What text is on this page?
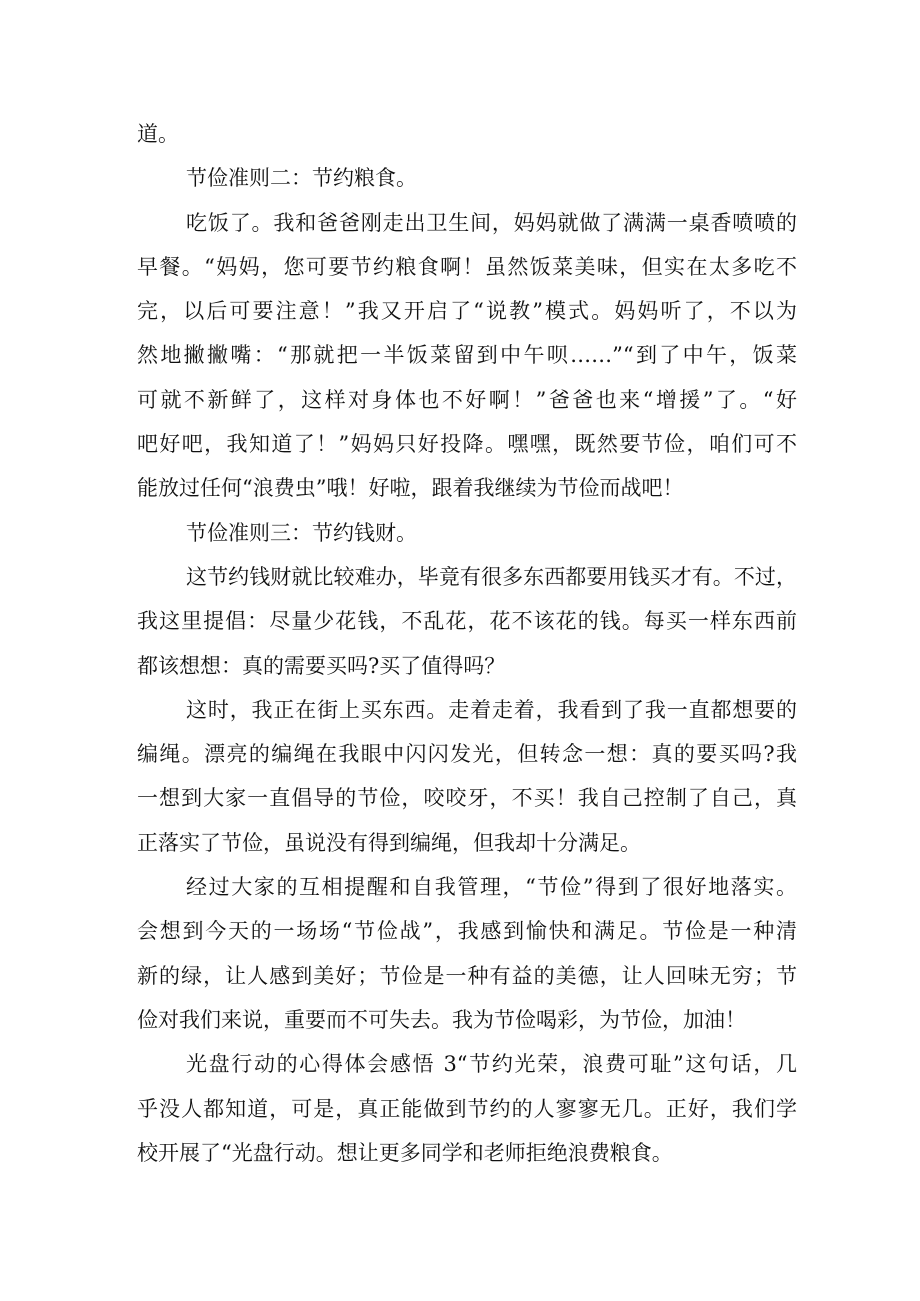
道。
节俭准则二：节约粮食。
吃饭了。我和爸爸刚走出卫生间，妈妈就做了满满一桌香喷喷的
早餐。“妈妈，您可要节约粮食啊！虽然饭菜美味，但实在太多吃不
完，以后可要注意！”我又开启了“说教”模式。妈妈听了，不以为
然地撇撇嘴：“那就把一半饭菜留到中午呗……”“到了中午，饭菜
可就不新鲜了，这样对身体也不好啊！”爸爸也来“增援”了。“好
吧好吧，我知道了！”妈妈只好投降。嘿嘿，既然要节俭，咱们可不
能放过任何“浪费虫”哦！好啦，跟着我继续为节俭而战吧！
节俭准则三：节约钱财。
这节约钱财就比较难办，毕竟有很多东西都要用钱买才有。不过，
我这里提倡：尽量少花钱，不乱花，花不该花的钱。每买一样东西前
都该想想：真的需要买吗?买了值得吗？
这时，我正在街上买东西。走着走着，我看到了我一直都想要的
编绳。漂亮的编绳在我眼中闪闪发光，但转念一想：真的要买吗?我
一想到大家一直倡导的节俭，咬咬牙，不买！我自己控制了自己，真
正落实了节俭，虽说没有得到编绳，但我却十分满足。
经过大家的互相提醒和自我管理，“节俭”得到了很好地落实。
会想到今天的一场场“节俭战”，我感到愉快和满足。节俭是一种清
新的绿，让人感到美好；节俭是一种有益的美德，让人回味无穷；节
俭对我们来说，重要而不可失去。我为节俭喝彩，为节俭，加油！
光盘行动的心得体会感悟 3“节约光荣，浪费可耻”这句话，几
乎没人都知道，可是，真正能做到节约的人寥寥无几。正好，我们学
校开展了“光盘行动。想让更多同学和老师拒绝浪费粮食。
